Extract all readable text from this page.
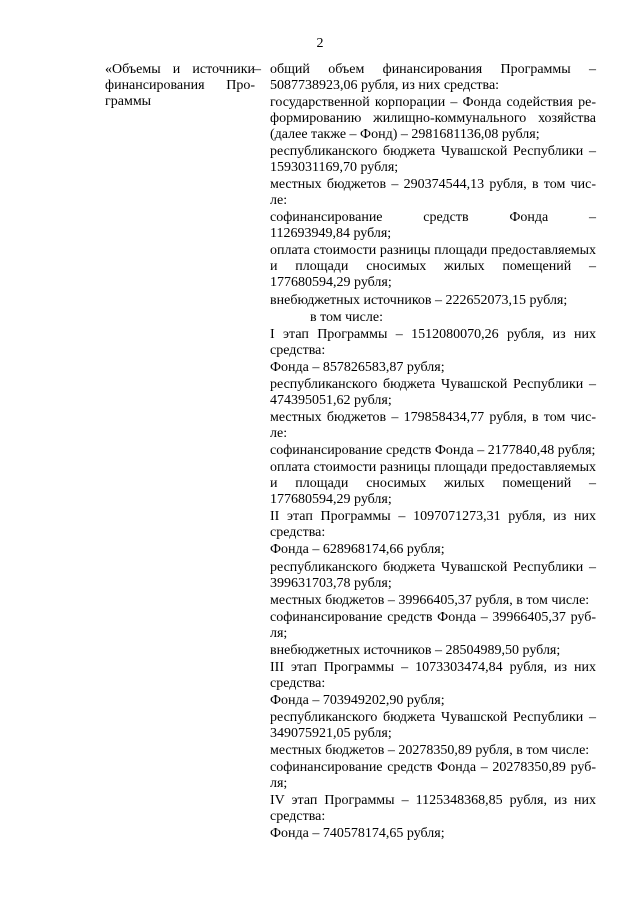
2
«Объемы и источники
финансирования Про-
граммы
– общий объем финансирования Программы –
5087738923,06 рубля, из них средства:
государственной корпорации – Фонда содействия ре-
формированию жилищно-коммунального хозяйства
(далее также – Фонд) – 2981681136,08 рубля;
республиканского бюджета Чувашской Республики –
1593031169,70 рубля;
местных бюджетов – 290374544,13 рубля, в том чис-
ле:
софинансирование средств Фонда –
112693949,84 рубля;
оплата стоимости разницы площади предоставляемых
и площади сносимых жилых помещений –
177680594,29 рубля;
внебюджетных источников – 222652073,15 рубля;
в том числе:
I этап Программы – 1512080070,26 рубля, из них
средства:
Фонда – 857826583,87 рубля;
республиканского бюджета Чувашской Республики –
474395051,62 рубля;
местных бюджетов – 179858434,77 рубля, в том чис-
ле:
софинансирование средств Фонда – 2177840,48 рубля;
оплата стоимости разницы площади предоставляемых
и площади сносимых жилых помещений –
177680594,29 рубля;
II этап Программы – 1097071273,31 рубля, из них
средства:
Фонда – 628968174,66 рубля;
республиканского бюджета Чувашской Республики –
399631703,78 рубля;
местных бюджетов – 39966405,37 рубля, в том числе:
софинансирование средств Фонда – 39966405,37 руб-
ля;
внебюджетных источников – 28504989,50 рубля;
III этап Программы – 1073303474,84 рубля, из них
средства:
Фонда – 703949202,90 рубля;
республиканского бюджета Чувашской Республики –
349075921,05 рубля;
местных бюджетов – 20278350,89 рубля, в том числе:
софинансирование средств Фонда – 20278350,89 руб-
ля;
IV этап Программы – 1125348368,85 рубля, из них
средства:
Фонда – 740578174,65 рубля;
